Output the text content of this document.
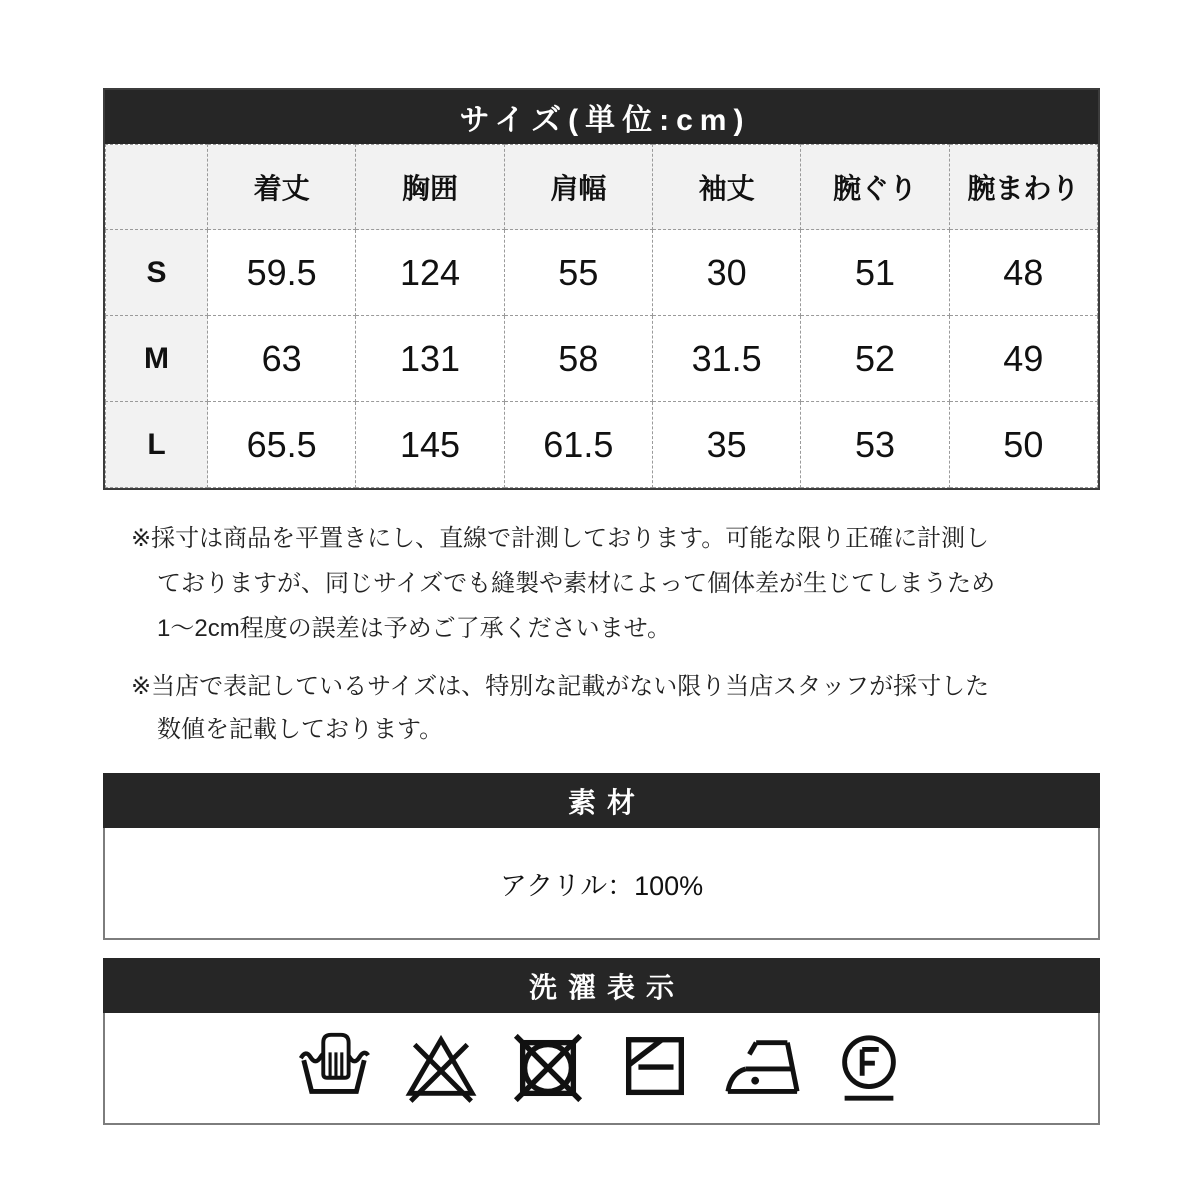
サイズ(単位:cm)
	着丈	胸囲	肩幅	袖丈	腕ぐり	腕まわり
S	59.5	124	55	30	51	48
M	63	131	58	31.5	52	49
L	65.5	145	61.5	35	53	50
※採寸は商品を平置きにし、直線で計測しております。可能な限り正確に計測し
ておりますが、同じサイズでも縫製や素材によって個体差が生じてしまうため
1〜2cm程度の誤差は予めご了承くださいませ。
※当店で表記しているサイズは、特別な記載がない限り当店スタッフが採寸した
数値を記載しております。
素材
アクリル：100%
洗濯表示
